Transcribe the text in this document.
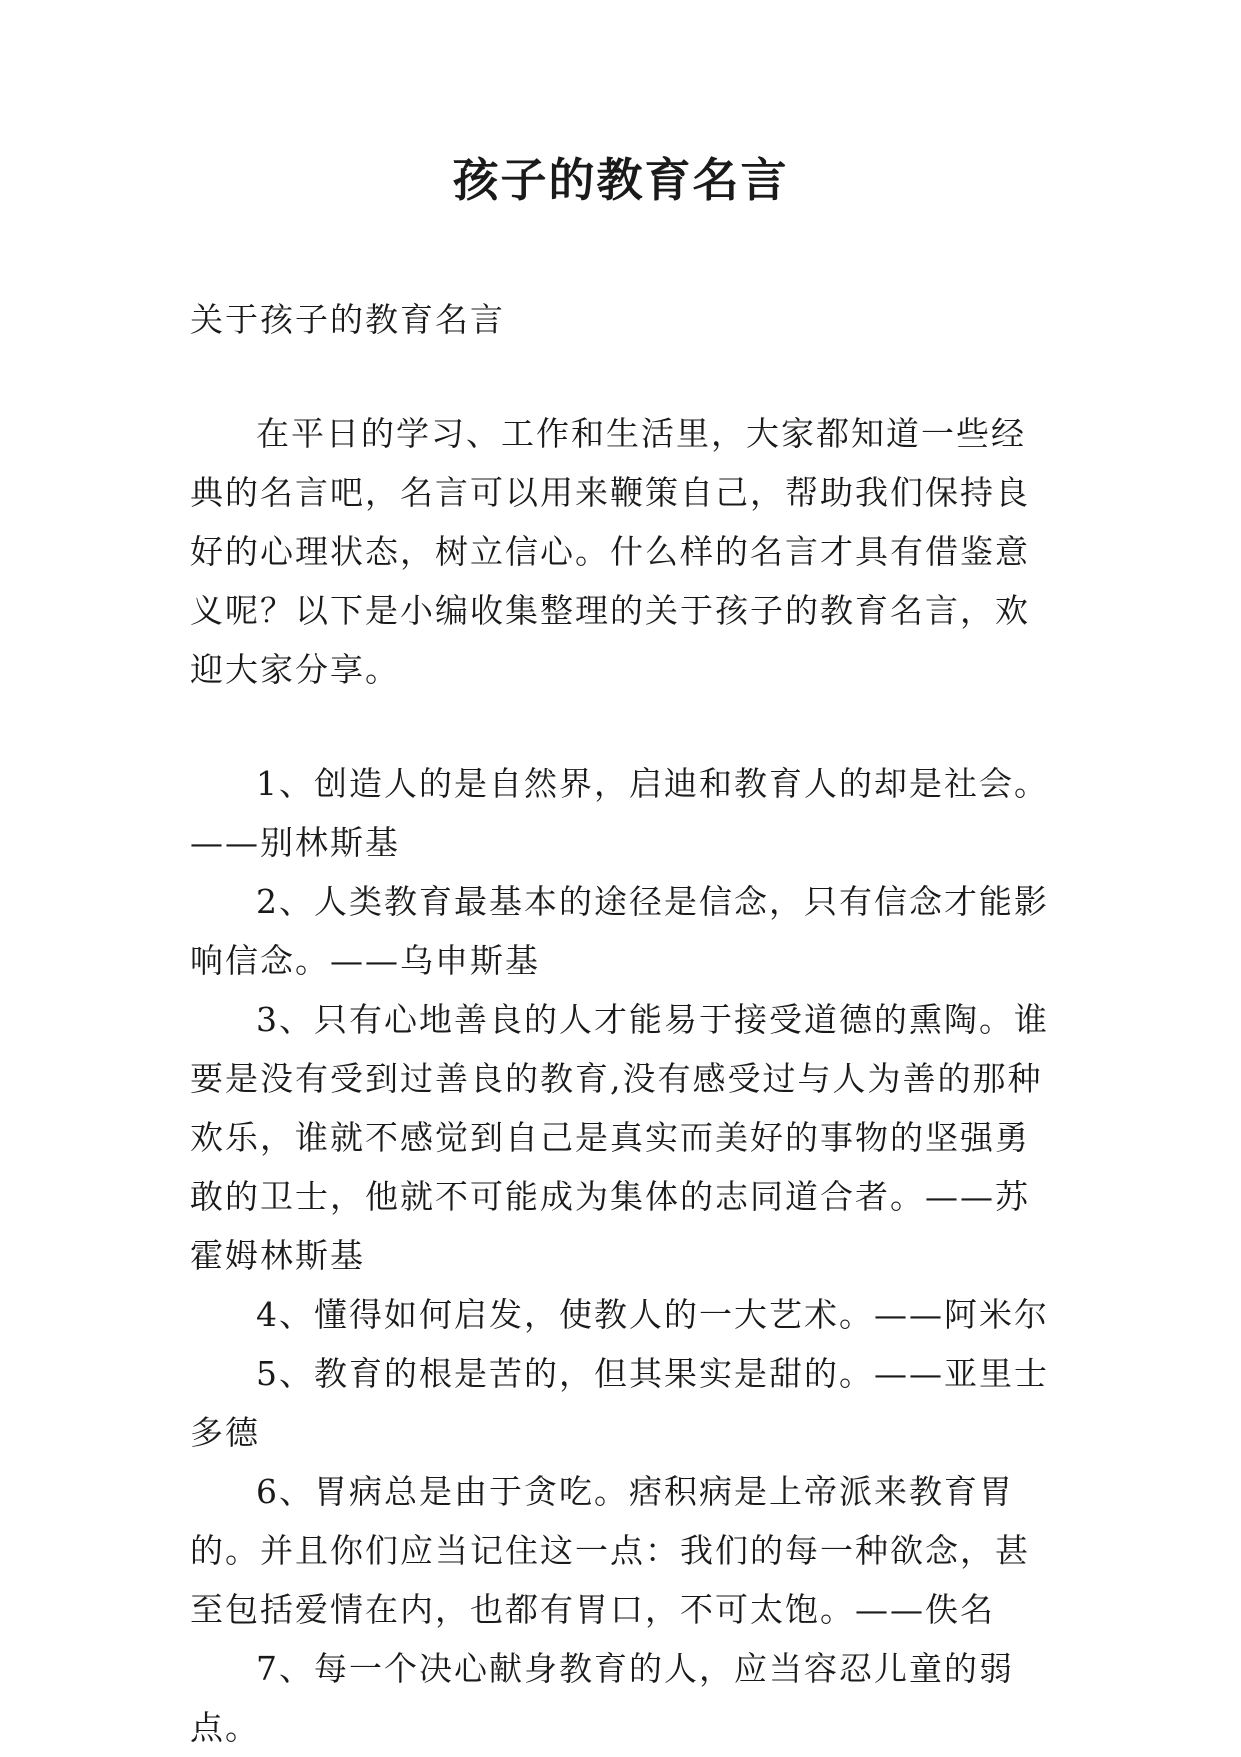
孩子的教育名言

关于孩子的教育名言

在平日的学习、工作和生活里，大家都知道一些经典的名言吧，名言可以用来鞭策自己，帮助我们保持良好的心理状态，树立信心。什么样的名言才具有借鉴意义呢？以下是小编收集整理的关于孩子的教育名言，欢迎大家分享。

1、创造人的是自然界，启迪和教育人的却是社会。——别林斯基

2、人类教育最基本的途径是信念，只有信念才能影响信念。——乌申斯基

3、只有心地善良的人才能易于接受道德的熏陶。谁要是没有受到过善良的教育,没有感受过与人为善的那种欢乐，谁就不感觉到自己是真实而美好的事物的坚强勇敢的卫士，他就不可能成为集体的志同道合者。——苏霍姆林斯基

4、懂得如何启发，使教人的一大艺术。——阿米尔

5、教育的根是苦的，但其果实是甜的。——亚里士多德

6、胃病总是由于贪吃。痞积病是上帝派来教育胃的。并且你们应当记住这一点：我们的每一种欲念，甚至包括爱情在内，也都有胃口，不可太饱。——佚名

7、每一个决心献身教育的人，应当容忍儿童的弱点。
